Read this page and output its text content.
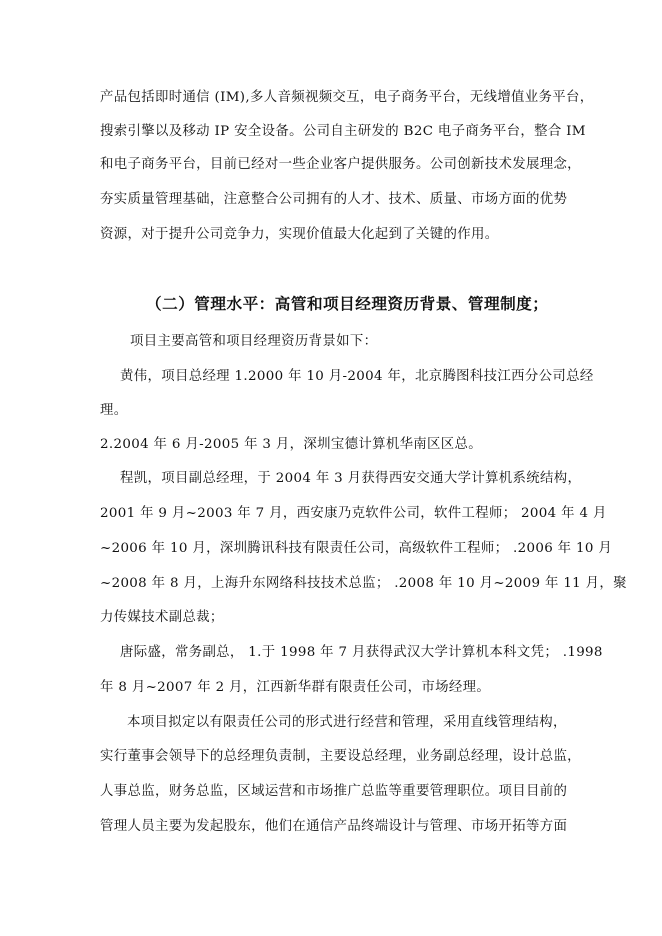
产品包括即时通信 (IM),多人音频视频交互，电子商务平台，无线增值业务平台，
搜索引擎以及移动 IP 安全设备。公司自主研发的 B2C 电子商务平台，整合 IM
和电子商务平台，目前已经对一些企业客户提供服务。公司创新技术发展理念，
夯实质量管理基础，注意整合公司拥有的人才、技术、质量、市场方面的优势
资源，对于提升公司竞争力，实现价值最大化起到了关键的作用。
（二）管理水平：高管和项目经理资历背景、管理制度；
项目主要高管和项目经理资历背景如下：
黄伟，项目总经理 1.2000 年 10 月-2004 年，北京腾图科技江西分公司总经
理。
2.2004 年 6 月-2005 年 3 月，深圳宝德计算机华南区区总。
程凯，项目副总经理，于 2004 年 3 月获得西安交通大学计算机系统结构，
2001 年 9 月~2003 年 7 月，西安康乃克软件公司，软件工程师； 2004 年 4 月
~2006 年 10 月，深圳腾讯科技有限责任公司，高级软件工程师； .2006 年 10 月
~2008 年 8 月，上海升东网络科技技术总监； .2008 年 10 月~2009 年 11 月，聚
力传媒技术副总裁；
唐际盛，常务副总， 1.于 1998 年 7 月获得武汉大学计算机本科文凭； .1998
年 8 月~2007 年 2 月，江西新华群有限责任公司，市场经理。
本项目拟定以有限责任公司的形式进行经营和管理，采用直线管理结构，
实行董事会领导下的总经理负责制，主要设总经理，业务副总经理，设计总监，
人事总监，财务总监，区域运营和市场推广总监等重要管理职位。项目目前的
管理人员主要为发起股东，他们在通信产品终端设计与管理、市场开拓等方面
